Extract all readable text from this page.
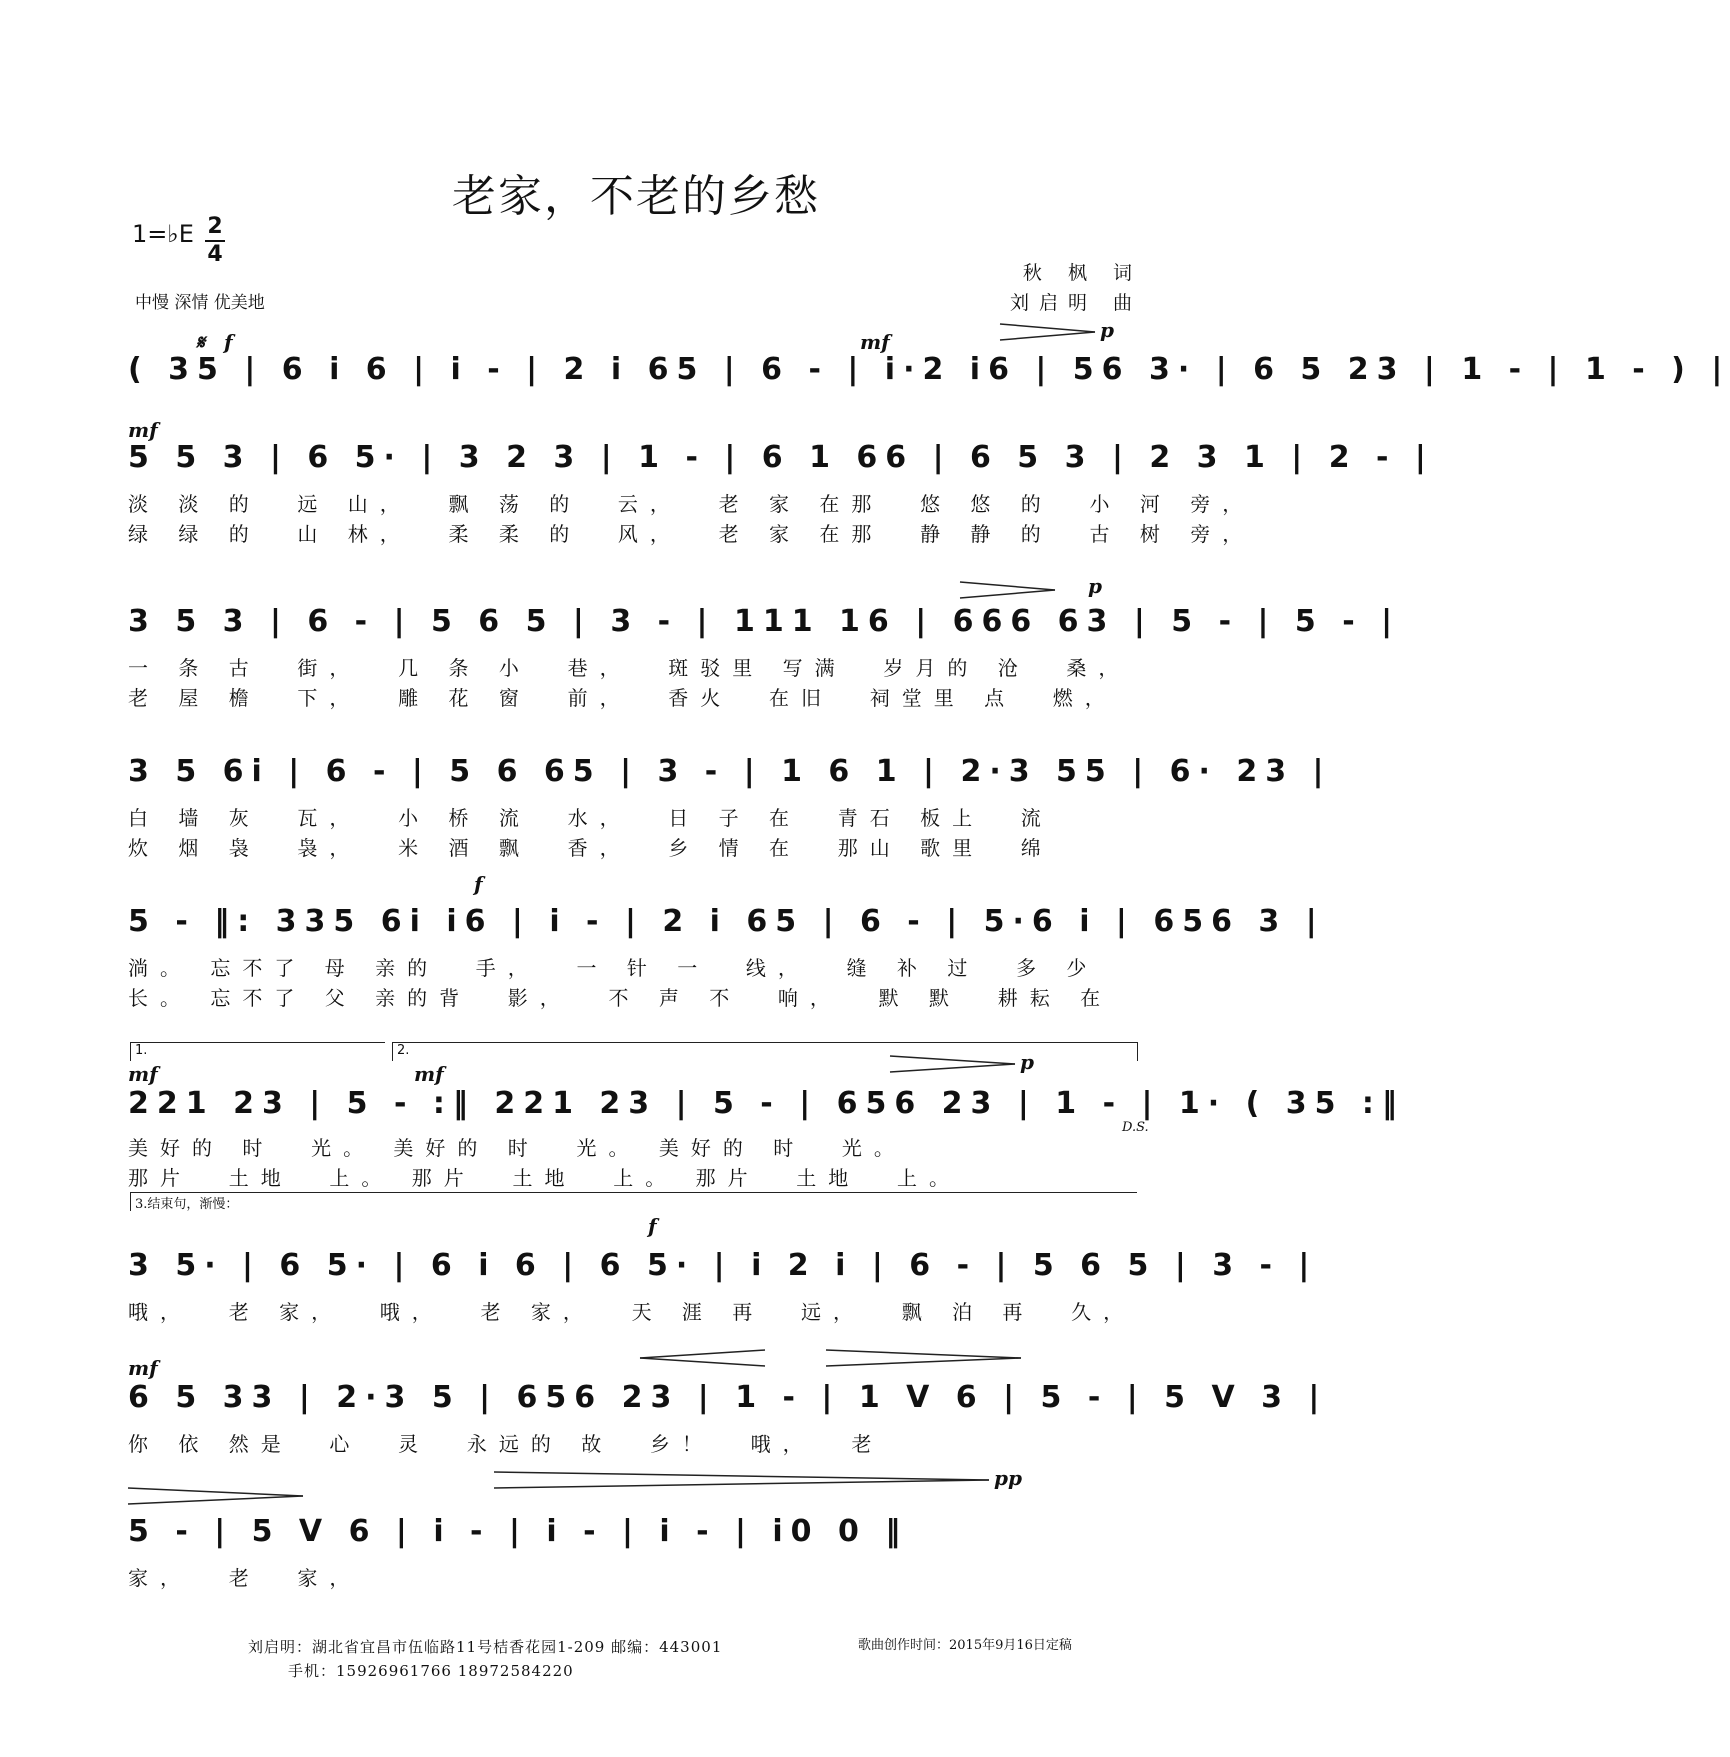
老家，不老的乡愁
1=♭E 2
4
中慢 深情 优美地
秋 枫 词
刘启明 曲
𝄋 f	mf	p
( 35 | 6 i 6 | i - | 2 i 65 | 6 - | i·2 i6 | 56 3· | 6 5 23 | 1 - | 1 - ) |
mf
5 5 3 | 6 5· | 3 2 3 | 1 - | 6 1 66 | 6 5 3 | 2 3 1 | 2 - |
淡 淡 的  远 山，  飘 荡 的  云，  老 家 在那  悠 悠 的  小 河 旁，
绿 绿 的  山 林，  柔 柔 的  风，  老 家 在那  静 静 的  古 树 旁，
p
3 5 3 | 6 - | 5 6 5 | 3 - | 111 16 | 666 63 | 5 - | 5 - |
一 条 古  街，  几 条 小  巷，  斑驳里 写满  岁月的 沧  桑，
老 屋 檐  下，  雕 花 窗  前，  香火  在旧  祠堂里 点  燃，
3 5 6i | 6 - | 5 6 65 | 3 - | 1 6 1 | 2·3 55 | 6· 23 |
白 墙 灰  瓦，  小 桥 流  水，  日 子 在  青石 板上  流
炊 烟 袅  袅，  米 酒 飘  香，  乡 情 在  那山 歌里  绵
f
5 - ‖: 335 6i i6 | i - | 2 i 65 | 6 - | 5·6 i | 656 3 |
淌。 忘不了 母 亲的  手，  一 针 一  线，  缝 补 过  多 少
长。 忘不了 父 亲的背  影，  不 声 不  响，  默 默  耕耘 在
1.	2.
mf	mf	p
221 23 | 5 - :‖ 221 23 | 5 - | 656 23 | 1 - | 1· ( 35 :‖
D.S.
美好的 时  光。 美好的 时  光。 美好的 时  光。
那片  土地  上。 那片  土地  上。 那片  土地  上。
3.结束句，渐慢：
f
3 5· | 6 5· | 6 i 6 | 6 5· | i 2 i | 6 - | 5 6 5 | 3 - |
哦，  老 家，  哦，  老 家，  天 涯 再  远，  飘 泊 再  久，
mf
6 5 33 | 2·3 5 | 656 23 | 1 - | 1 V 6 | 5 - | 5 V 3 |
你 依 然是  心  灵  永远的 故  乡！  哦，  老
pp
5 - | 5 V 6 | i - | i - | i - | i0 0 ‖
家，  老  家，
刘启明：湖北省宜昌市伍临路11号桔香花园1-209 邮编：443001
手机：15926961766 18972584220
歌曲创作时间：2015年9月16日定稿
